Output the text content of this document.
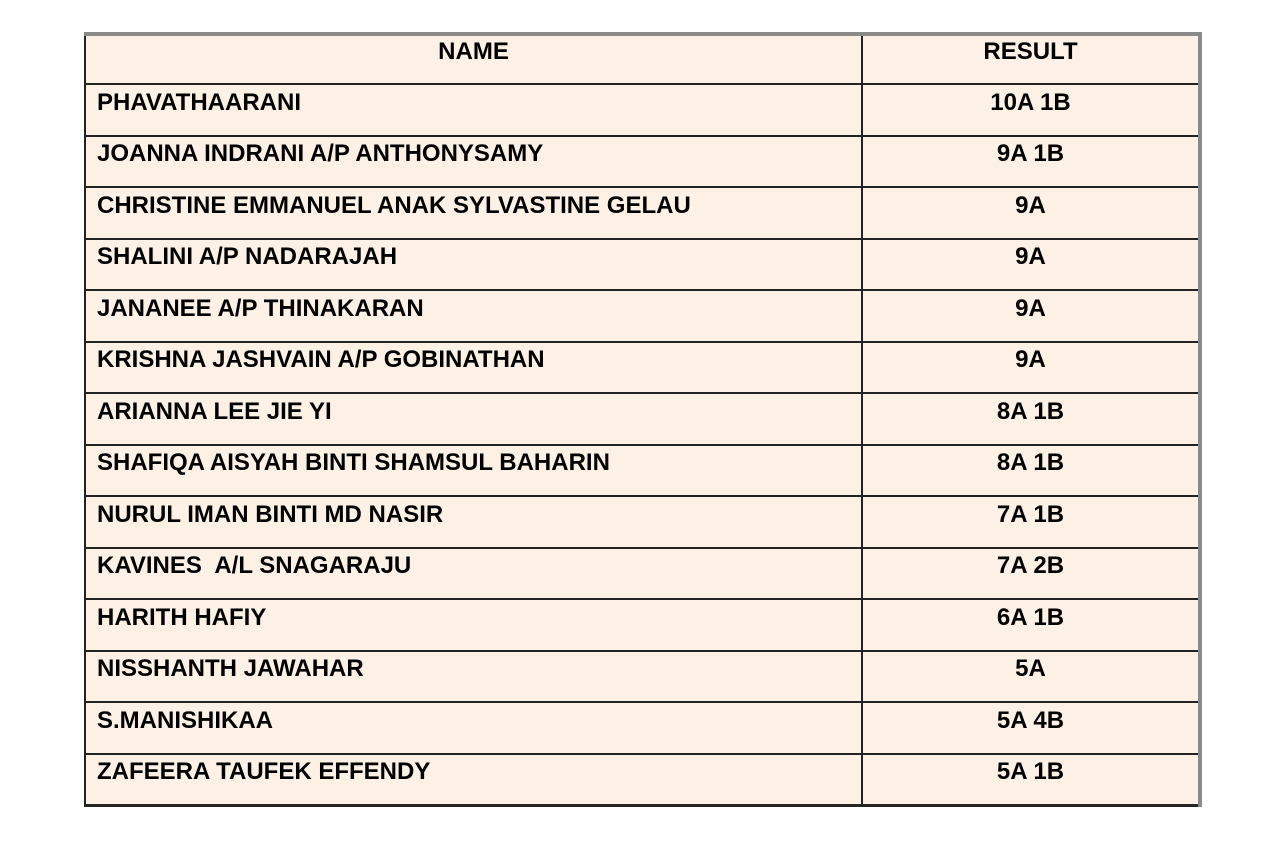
NAME	RESULT
PHAVATHAARANI	10A 1B
JOANNA INDRANI A/P ANTHONYSAMY	9A 1B
CHRISTINE EMMANUEL ANAK SYLVASTINE GELAU	9A
SHALINI A/P NADARAJAH	9A
JANANEE A/P THINAKARAN	9A
KRISHNA JASHVAIN A/P GOBINATHAN	9A
ARIANNA LEE JIE YI	8A 1B
SHAFIQA AISYAH BINTI SHAMSUL BAHARIN	8A 1B
NURUL IMAN BINTI MD NASIR	7A 1B
KAVINES  A/L SNAGARAJU	7A 2B
HARITH HAFIY	6A 1B
NISSHANTH JAWAHAR	5A
S.MANISHIKAA	5A 4B
ZAFEERA TAUFEK EFFENDY	5A 1B
